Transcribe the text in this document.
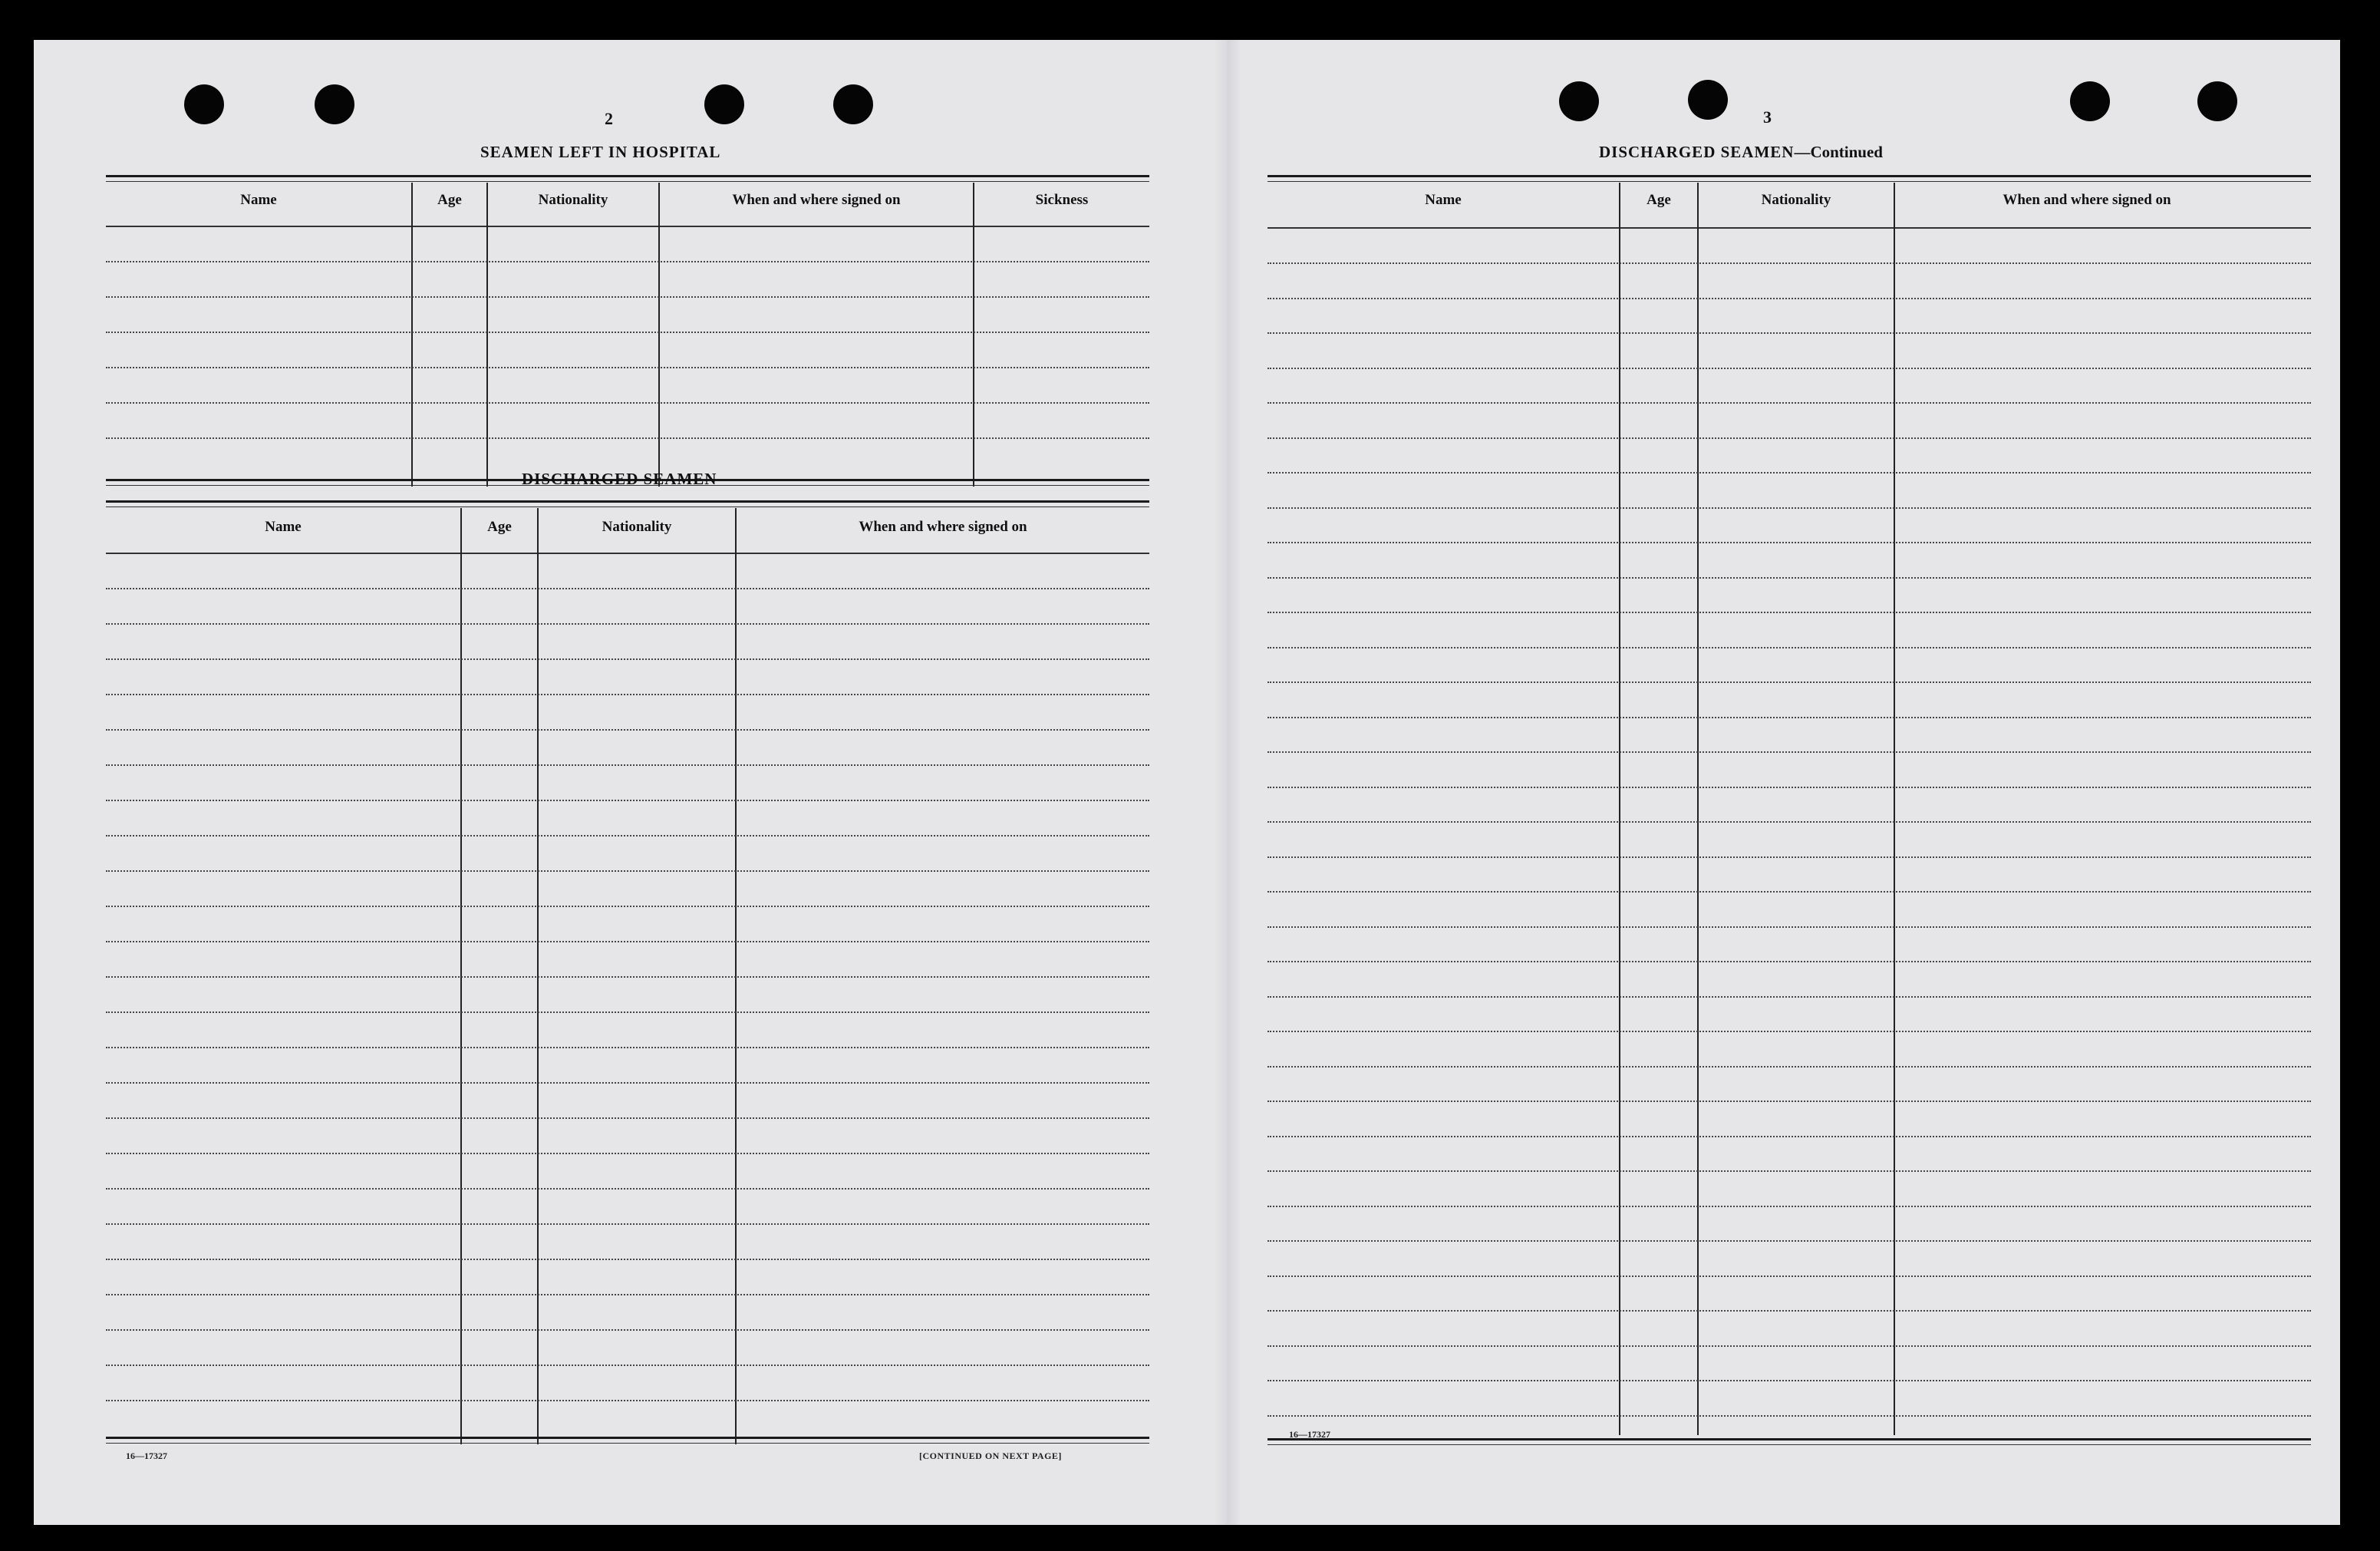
2
SEAMEN LEFT IN HOSPITAL
Name	Age	Nationality	When and where signed on	Sickness
DISCHARGED SEAMEN
Name	Age	Nationality	When and where signed on
16—17327	[CONTINUED ON NEXT PAGE]
3
DISCHARGED SEAMEN—Continued
Name	Age	Nationality	When and where signed on
16—17327
